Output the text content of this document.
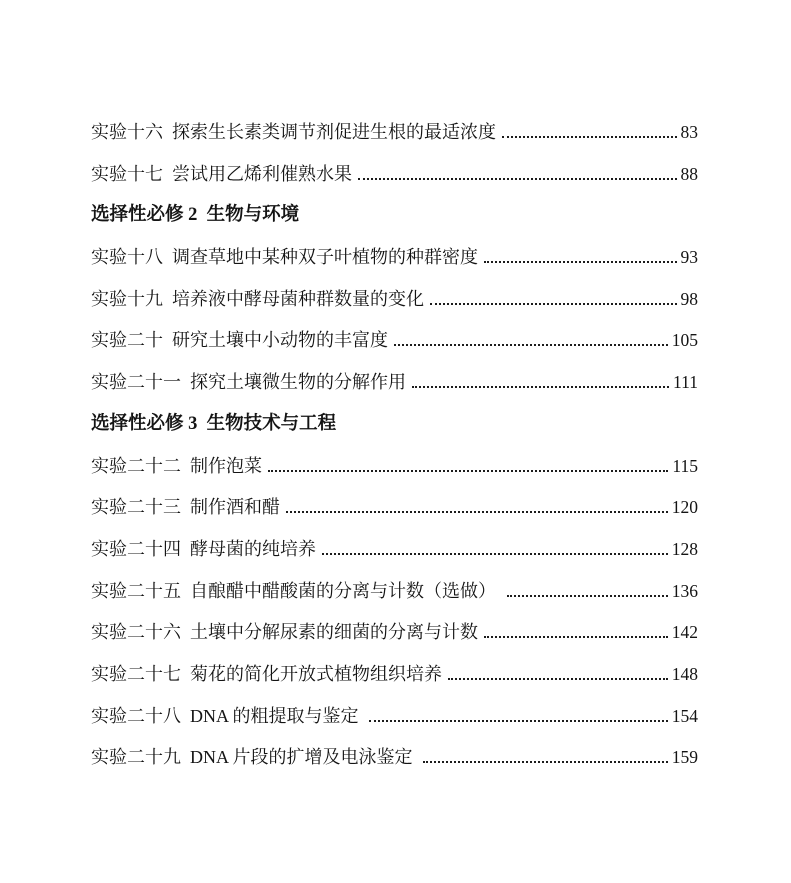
实验十六  探索生长素类调节剂促进生根的最适浓度	83
实验十七  尝试用乙烯利催熟水果	88
选择性必修 2  生物与环境
实验十八  调查草地中某种双子叶植物的种群密度	93
实验十九  培养液中酵母菌种群数量的变化	98
实验二十  研究土壤中小动物的丰富度	105
实验二十一  探究土壤微生物的分解作用	111
选择性必修 3  生物技术与工程
实验二十二  制作泡菜	115
实验二十三  制作酒和醋	120
实验二十四  酵母菌的纯培养	128
实验二十五  自酿醋中醋酸菌的分离与计数（选做）	136
实验二十六  土壤中分解尿素的细菌的分离与计数	142
实验二十七  菊花的简化开放式植物组织培养	148
实验二十八  DNA 的粗提取与鉴定	154
实验二十九  DNA 片段的扩增及电泳鉴定	159
